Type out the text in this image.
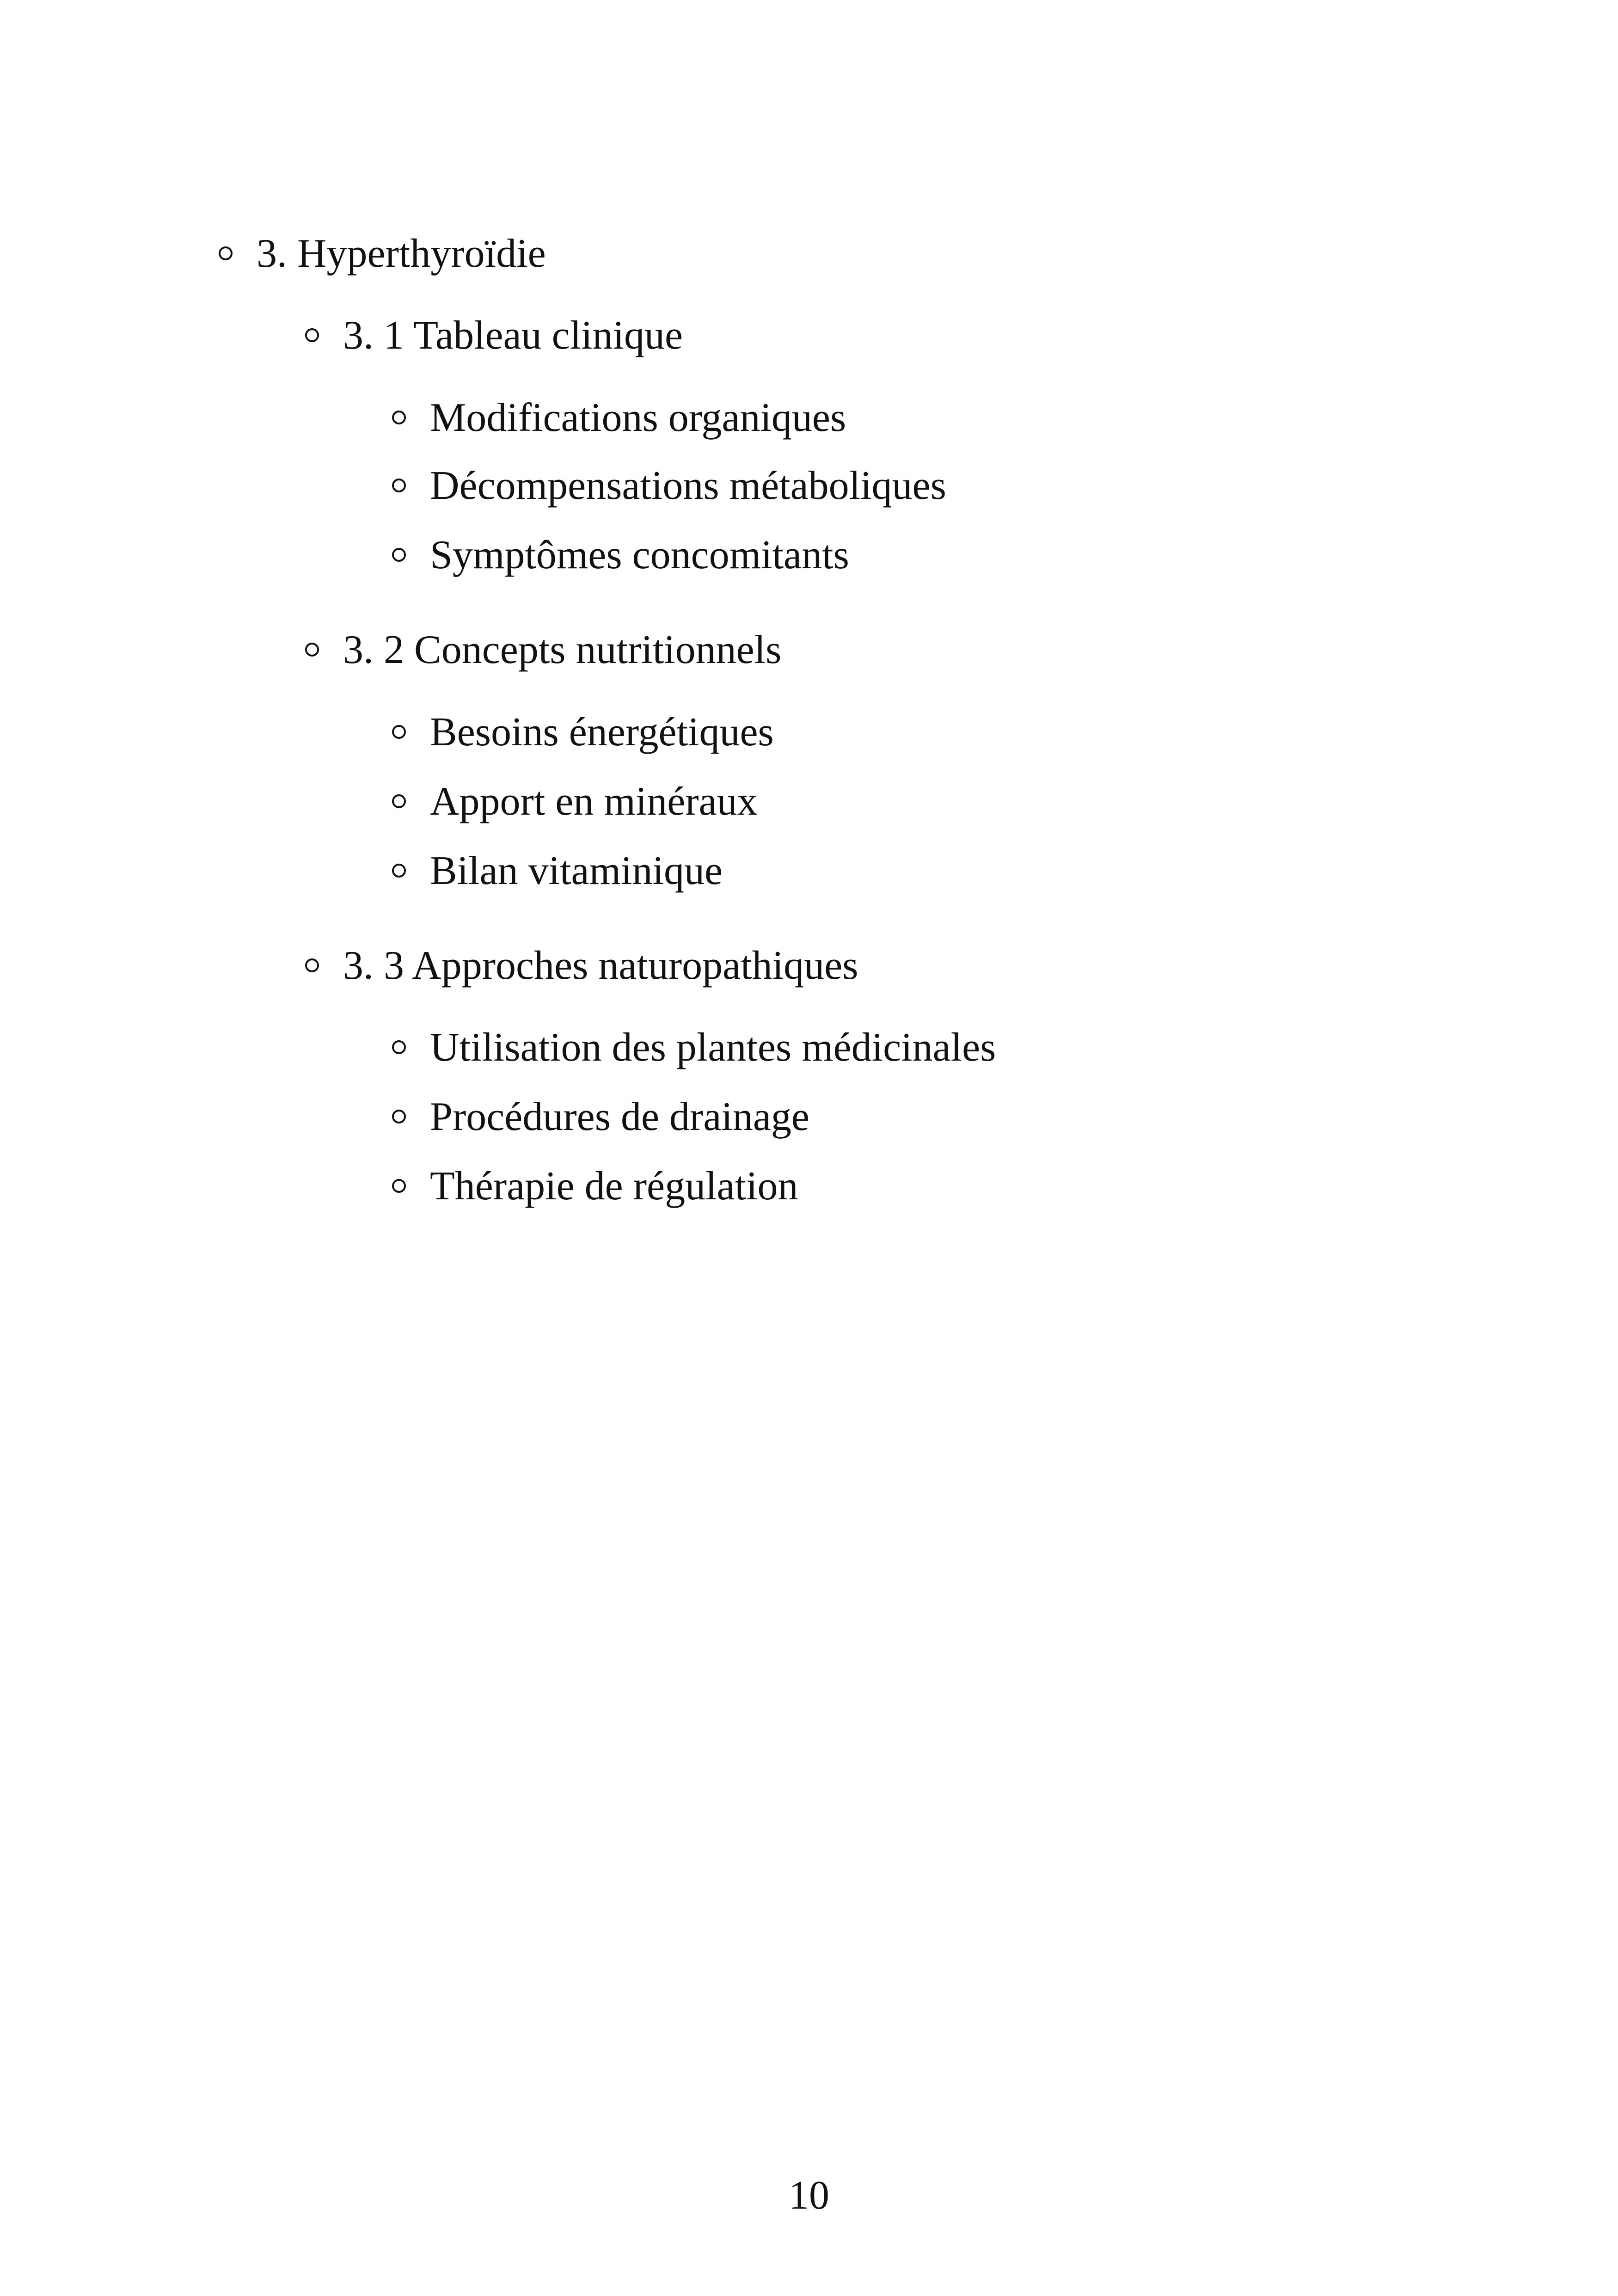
3. Hyperthyroïdie
3. 1 Tableau clinique
Modifications organiques
Décompensations métaboliques
Symptômes concomitants
3. 2 Concepts nutritionnels
Besoins énergétiques
Apport en minéraux
Bilan vitaminique
3. 3 Approches naturopathiques
Utilisation des plantes médicinales
Procédures de drainage
Thérapie de régulation
10
